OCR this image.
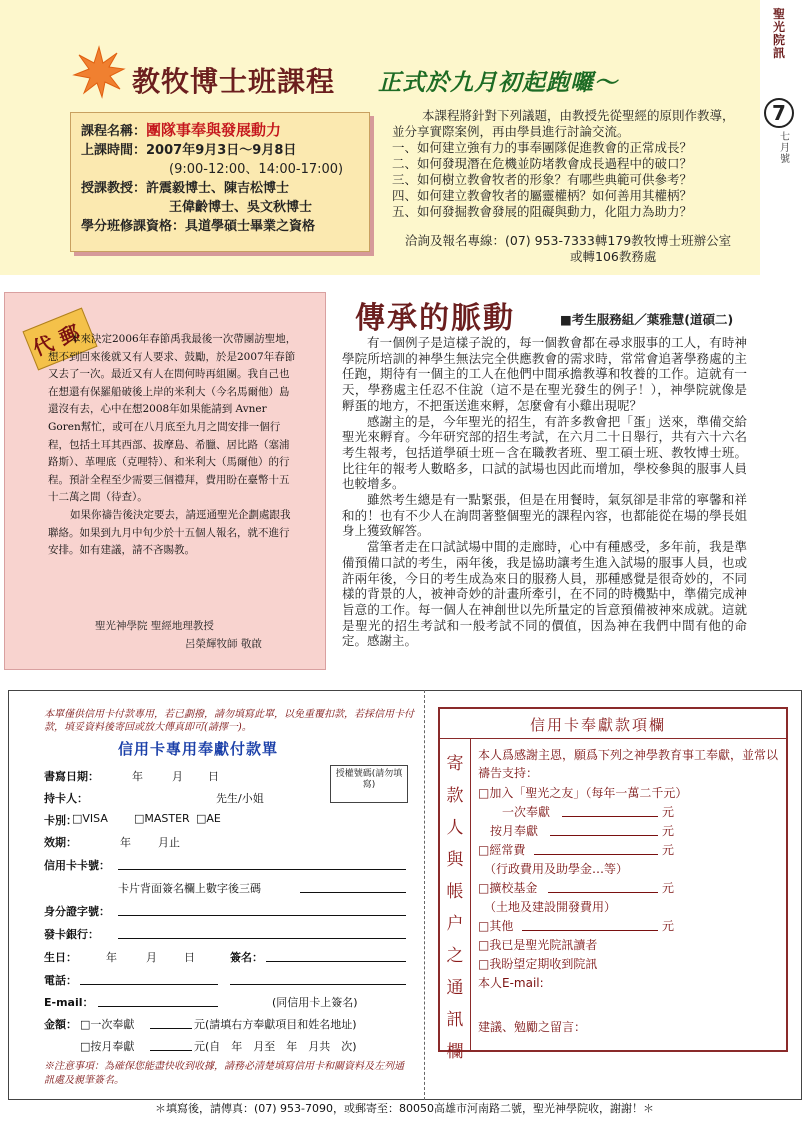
聖光院訊
7
七月號
教牧博士班課程 正式於九月初起跑囉～
課程名稱：團隊事奉與發展動力
上課時間：2007年9月3日～9月8日
(9:00-12:00、14:00-17:00)
授課教授：許震毅博士、陳吉松博士
王偉齡博士、吳文秋博士
學分班修課資格：具道學碩士畢業之資格
本課程將針對下列議題，由教授先從聖經的原則作教導，並分享實際案例，再由學員進行討論交流。
一、如何建立強有力的事奉團隊促進教會的正常成長？
二、如何發現潛在危機並防堵教會成長過程中的破口？
三、如何樹立教會牧者的形象？有哪些典範可供參考？
四、如何建立教會牧者的屬靈權柄？如何善用其權柄？
五、如何發掘教會發展的阻礙與動力，化阻力為助力？
洽詢及報名專線：(07) 953-7333轉179教牧博士班辦公室
或轉106教務處
代郵

本來決定2006年春節禹我最後一次帶團訪聖地，想不到回來後就又有人要求、鼓勵，於是2007年春節又去了一次。最近又有人在問何時再組團。我自己也在想還有保羅船破後上岸的米利大（今名馬爾他）島還沒有去，心中在想2008年如果能請到 Avner Goren幫忙，或可在八月底至九月之間安排一個行程，包括土耳其西部、拔摩島、希臘、居比路（塞浦路斯）、革哩底（克哩特）、和米利大（馬爾他）的行程。預計全程至少需要三個禮拜，費用盼在臺幣十五十二萬之間（待查）。

如果你禱告後決定要去，請逕通聖光企劃處跟我聯絡。如果到九月中旬少於十五個人報名，就不進行安排。如有建議，請不吝賜教。

聖光神學院 聖經地理教授
呂榮輝牧師 敬啟
傳承的脈動	■考生服務組／葉雅慧(道碩二)

有一個例子是這樣子說的，每一個教會都在尋求服事的工人，有時神學院所培訓的神學生無法完全供應教會的需求時，常常會追著學務處的主任跑，期待有一個主的工人在他們中間承擔教導和牧養的工作。這就有一天，學務處主任忍不住說（這不是在聖光發生的例子！），神學院就像是孵蛋的地方，不把蛋送進來孵，怎麼會有小雞出現呢？

感謝主的是，今年聖光的招生，有許多教會把「蛋」送來，準備交給聖光來孵育。今年研究部的招生考試，在六月二十日舉行，共有六十六名考生報考，包括道學碩士班－含在職教者班、聖工碩士班、教牧博士班。比往年的報考人數略多，口試的試場也因此而增加，學校參與的服事人員也較增多。

雖然考生總是有一點緊張，但是在用餐時，氣氛卻是非常的寧馨和祥和的！也有不少人在詢問著整個聖光的課程內容，也都能從在場的學長姐身上獲致解答。

當筆者走在口試試場中間的走廊時，心中有種感受，多年前，我是準備預備口試的考生，兩年後，我是協助讓考生進入試場的服事人員，也或許兩年後，今日的考生成為來日的服務人員，那種感覺是很奇妙的，不同樣的背景的人，被神奇妙的計畫所牽引，在不同的時機點中，準備完成神旨意的工作。每一個人在神創世以先所量定的旨意預備被神來成就。這就是聖光的招生考試和一般考試不同的價值，因為神在我們中間有他的命定。感謝主。

本單僅供信用卡付款專用，若已劃撥，請勿填寫此單，以免重覆扣款，若採信用卡付款，填妥資料後寄回或放大傳真即可(請擇一)。
信用卡專用奉獻付款單
授權號碼(請勿填寫)
書寫日期：	年	月 日
持卡人：	先生/小姐
卡別：
□VISA □MASTER □AE
效期：	年 月止
信用卡卡號：
卡片背面簽名欄上數字後三碼
身分證字號：
發卡銀行：
生日：	年	月 日	簽名：
電話：
E-mail：	(同信用卡上簽名)
金額： □一次奉獻	元(請填右方奉獻項目和姓名地址)
□按月奉獻	元(自　年　月至　年　月共　次)
※注意事項：為確保您能盡快收到收據，請務必清楚填寫信用卡和關資料及左列通訊處及親筆簽名。
信用卡奉獻款項欄
寄款人與帳户之通訊欄
本人爲感謝主恩，願爲下列之神學教育事工奉獻，並常以禱告支持：
□加入「聖光之友」（每年一萬二千元）
一次奉獻	元
按月奉獻	元
□經常費	元
（行政費用及助學金…等）
□擴校基金	元
（土地及建設開發費用）
□其他	元
□我已是聖光院訊讀者
□我盼望定期收到院訊
本人E-mail:
建議、勉勵之留言：
＊填寫後，請傳真：(07) 953-7090，或郵寄至：80050高雄市河南路二號，聖光神學院收，謝謝！＊
